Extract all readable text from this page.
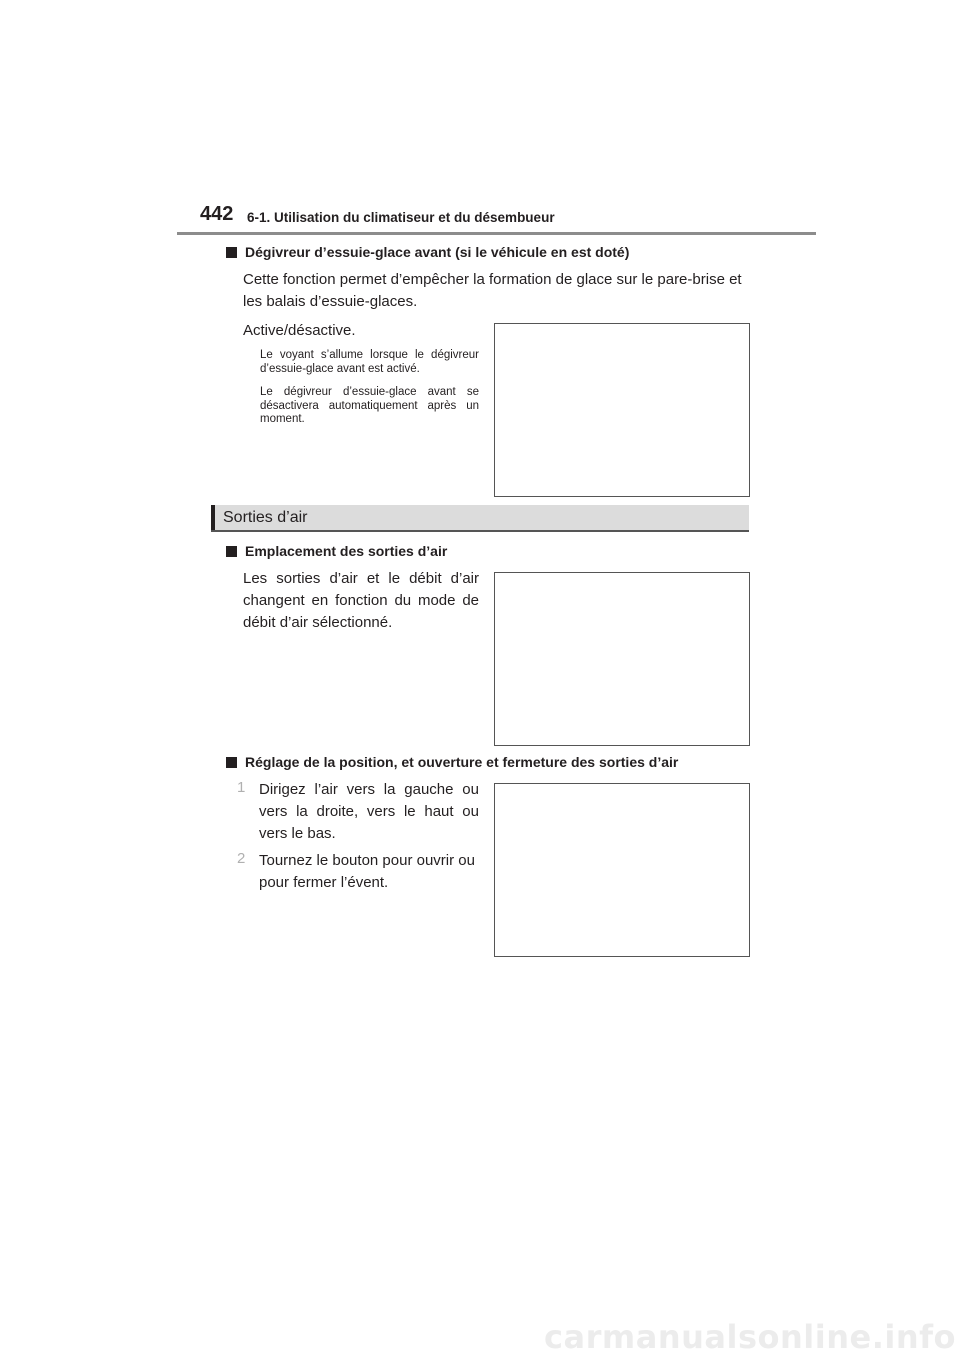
442 6-1. Utilisation du climatiseur et du désembueur
Dégivreur d’essuie-glace avant (si le véhicule en est doté)
Cette fonction permet d’empêcher la formation de glace sur le pare-brise et
les balais d’essuie-glaces.
Active/désactive.
Le voyant s’allume lorsque le dégivreur d’essuie-glace avant est activé.
Le dégivreur d’essuie-glace avant se désactivera automatiquement après un moment.
Sorties d’air
Emplacement des sorties d’air
Les sorties d’air et le débit d’air changent en fonction du mode de débit d’air sélectionné.
Réglage de la position, et ouverture et fermeture des sorties d’air
1 Dirigez l’air vers la gauche ou vers la droite, vers le haut ou vers le bas.
2 Tournez le bouton pour ouvrir ou pour fermer l’évent.
carmanualsonline.info
